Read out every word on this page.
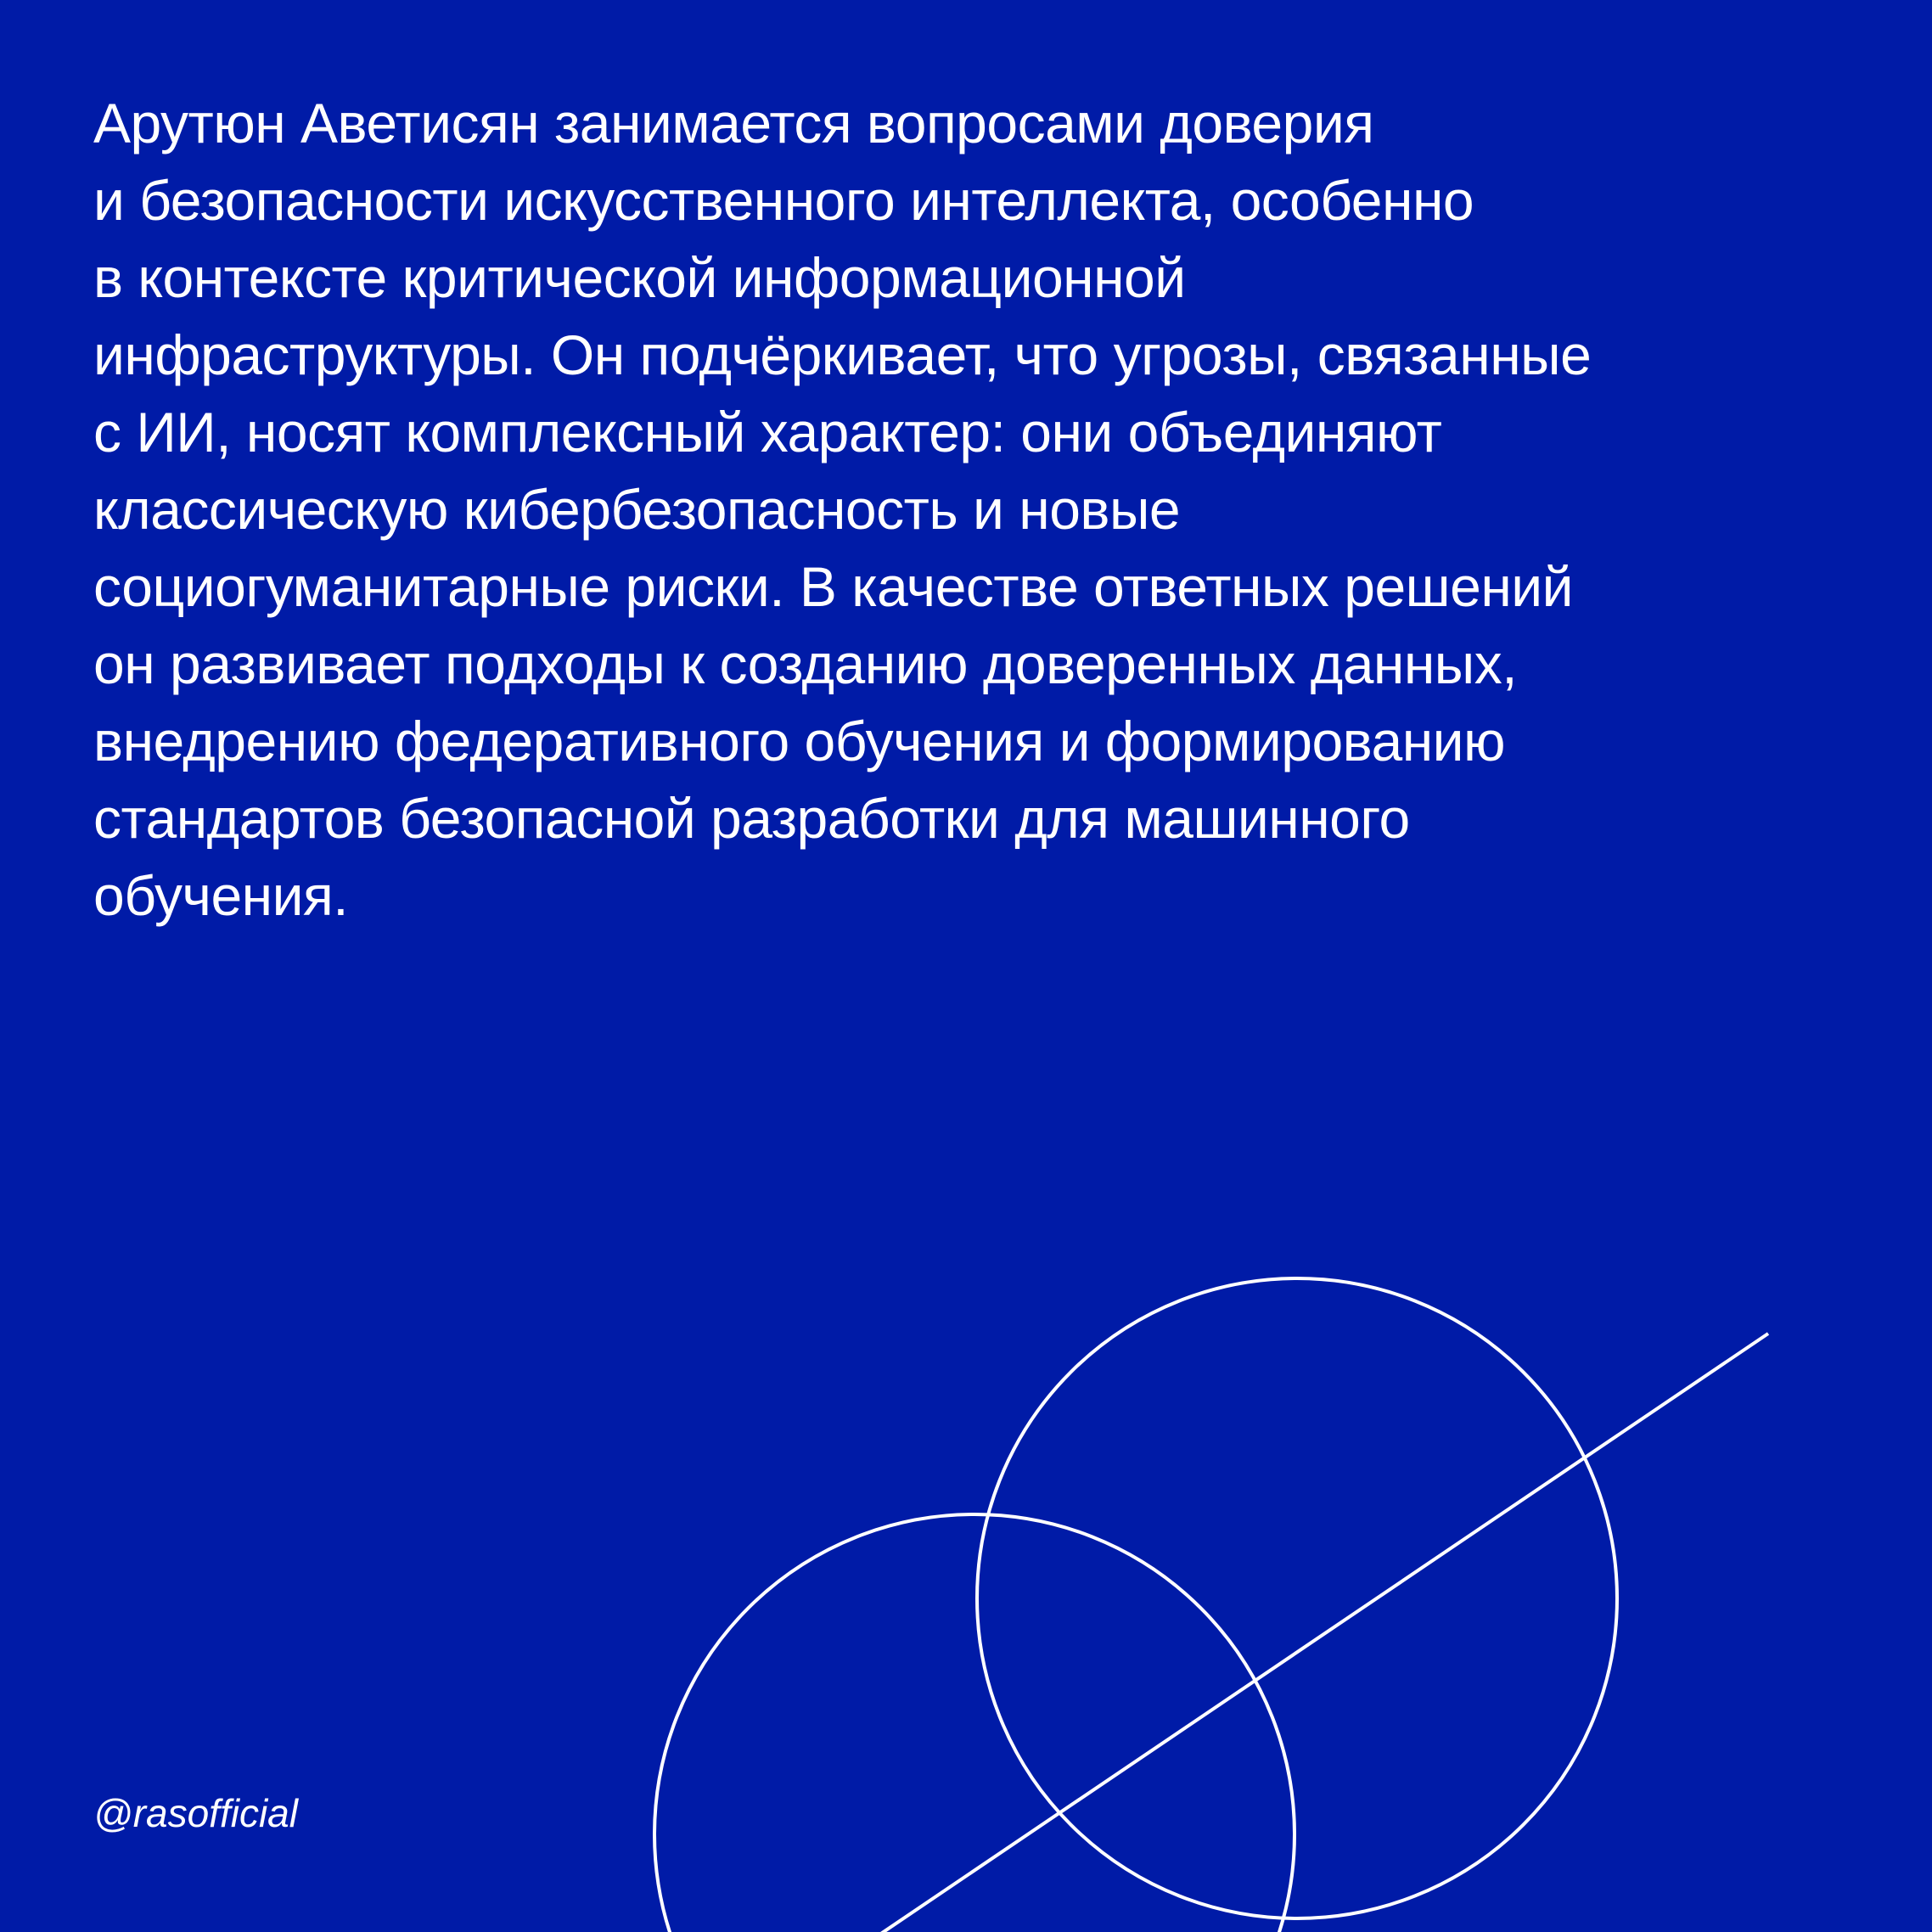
Арутюн Аветисян занимается вопросами доверия
и безопасности искусственного интеллекта, особенно
в контексте критической информационной
инфраструктуры. Он подчёркивает, что угрозы, связанные
с ИИ, носят комплексный характер: они объединяют
классическую кибербезопасность и новые
социогуманитарные риски. В качестве ответных решений
он развивает подходы к созданию доверенных данных,
внедрению федеративного обучения и формированию
стандартов безопасной разработки для машинного
обучения.

@rasofficial
